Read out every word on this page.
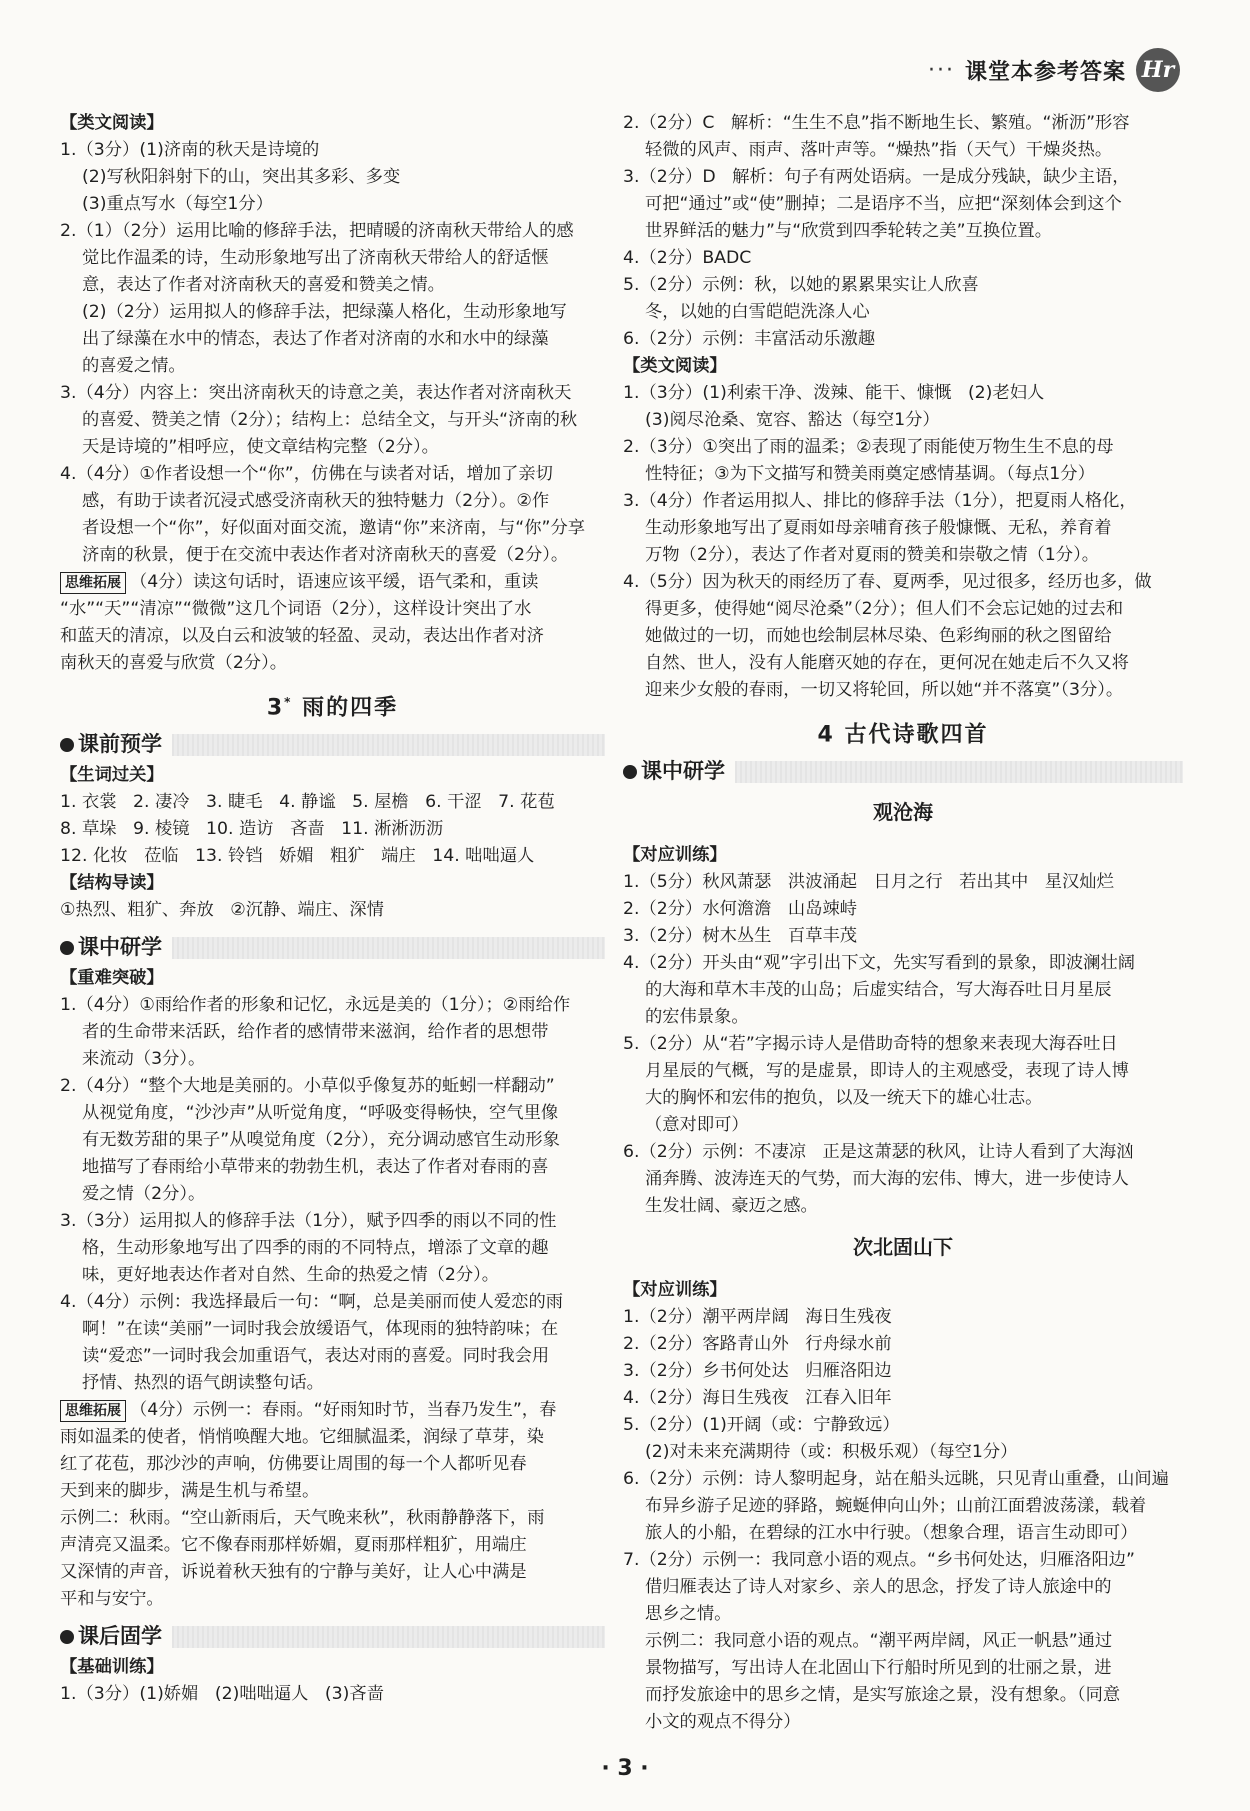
··· 课堂本参考答案 Hr
【类文阅读】
1.（3分）(1)济南的秋天是诗境的
(2)写秋阳斜射下的山，突出其多彩、多变
(3)重点写水（每空1分）
2.（1）（2分）运用比喻的修辞手法，把晴暖的济南秋天带给人的感
觉比作温柔的诗，生动形象地写出了济南秋天带给人的舒适惬
意，表达了作者对济南秋天的喜爱和赞美之情。
(2)（2分）运用拟人的修辞手法，把绿藻人格化，生动形象地写
出了绿藻在水中的情态，表达了作者对济南的水和水中的绿藻
的喜爱之情。
3.（4分）内容上：突出济南秋天的诗意之美，表达作者对济南秋天
的喜爱、赞美之情（2分）；结构上：总结全文，与开头“济南的秋
天是诗境的”相呼应，使文章结构完整（2分）。
4.（4分）①作者设想一个“你”，仿佛在与读者对话，增加了亲切
感，有助于读者沉浸式感受济南秋天的独特魅力（2分）。②作
者设想一个“你”，好似面对面交流，邀请“你”来济南，与“你”分享
济南的秋景，便于在交流中表达作者对济南秋天的喜爱（2分）。
思维拓展 （4分）读这句话时，语速应该平缓，语气柔和，重读
“水”“天”“清凉”“微微”这几个词语（2分），这样设计突出了水
和蓝天的清凉，以及白云和波皱的轻盈、灵动，表达出作者对济
南秋天的喜爱与欣赏（2分）。
3* 雨的四季
课前预学
【生词过关】
1. 衣裳   2. 凄冷   3. 睫毛   4. 静谧   5. 屋檐   6. 干涩   7. 花苞
8. 草垛   9. 棱镜   10. 造访   吝啬   11. 淅淅沥沥
12. 化妆   莅临   13. 铃铛   娇媚   粗犷   端庄   14. 咄咄逼人
【结构导读】
①热烈、粗犷、奔放   ②沉静、端庄、深情
课中研学
【重难突破】
1.（4分）①雨给作者的形象和记忆，永远是美的（1分）；②雨给作
者的生命带来活跃，给作者的感情带来滋润，给作者的思想带
来流动（3分）。
2.（4分）“整个大地是美丽的。小草似乎像复苏的蚯蚓一样翻动”
从视觉角度，“沙沙声”从听觉角度，“呼吸变得畅快，空气里像
有无数芳甜的果子”从嗅觉角度（2分），充分调动感官生动形象
地描写了春雨给小草带来的勃勃生机，表达了作者对春雨的喜
爱之情（2分）。
3.（3分）运用拟人的修辞手法（1分），赋予四季的雨以不同的性
格，生动形象地写出了四季的雨的不同特点，增添了文章的趣
味，更好地表达作者对自然、生命的热爱之情（2分）。
4.（4分）示例：我选择最后一句：“啊，总是美丽而使人爱恋的雨
啊！”在读“美丽”一词时我会放缓语气，体现雨的独特韵味；在
读“爱恋”一词时我会加重语气，表达对雨的喜爱。同时我会用
抒情、热烈的语气朗读整句话。
思维拓展 （4分）示例一：春雨。“好雨知时节，当春乃发生”，春
雨如温柔的使者，悄悄唤醒大地。它细腻温柔，润绿了草芽，染
红了花苞，那沙沙的声响，仿佛要让周围的每一个人都听见春
天到来的脚步，满是生机与希望。
示例二：秋雨。“空山新雨后，天气晚来秋”，秋雨静静落下，雨
声清亮又温柔。它不像春雨那样娇媚，夏雨那样粗犷，用端庄
又深情的声音，诉说着秋天独有的宁静与美好，让人心中满是
平和与安宁。
课后固学
【基础训练】
1.（3分）(1)娇媚   (2)咄咄逼人   (3)吝啬
2.（2分）C   解析：“生生不息”指不断地生长、繁殖。“淅沥”形容
轻微的风声、雨声、落叶声等。“燥热”指（天气）干燥炎热。
3.（2分）D   解析：句子有两处语病。一是成分残缺，缺少主语，
可把“通过”或“使”删掉；二是语序不当，应把“深刻体会到这个
世界鲜活的魅力”与“欣赏到四季轮转之美”互换位置。
4.（2分）BADC
5.（2分）示例：秋，以她的累累果实让人欣喜
冬，以她的白雪皑皑洗涤人心
6.（2分）示例：丰富活动乐激趣
【类文阅读】
1.（3分）(1)利索干净、泼辣、能干、慷慨   (2)老妇人
(3)阅尽沧桑、宽容、豁达（每空1分）
2.（3分）①突出了雨的温柔；②表现了雨能使万物生生不息的母
性特征；③为下文描写和赞美雨奠定感情基调。（每点1分）
3.（4分）作者运用拟人、排比的修辞手法（1分），把夏雨人格化，
生动形象地写出了夏雨如母亲哺育孩子般慷慨、无私，养育着
万物（2分），表达了作者对夏雨的赞美和崇敬之情（1分）。
4.（5分）因为秋天的雨经历了春、夏两季，见过很多，经历也多，做
得更多，使得她“阅尽沧桑”（2分）；但人们不会忘记她的过去和
她做过的一切，而她也绘制层林尽染、色彩绚丽的秋之图留给
自然、世人，没有人能磨灭她的存在，更何况在她走后不久又将
迎来少女般的春雨，一切又将轮回，所以她“并不落寞”（3分）。
4 古代诗歌四首
课中研学
观沧海
【对应训练】
1.（5分）秋风萧瑟   洪波涌起   日月之行   若出其中   星汉灿烂
2.（2分）水何澹澹   山岛竦峙
3.（2分）树木丛生   百草丰茂
4.（2分）开头由“观”字引出下文，先实写看到的景象，即波澜壮阔
的大海和草木丰茂的山岛；后虚实结合，写大海吞吐日月星辰
的宏伟景象。
5.（2分）从“若”字揭示诗人是借助奇特的想象来表现大海吞吐日
月星辰的气概，写的是虚景，即诗人的主观感受，表现了诗人博
大的胸怀和宏伟的抱负，以及一统天下的雄心壮志。
（意对即可）
6.（2分）示例：不凄凉   正是这萧瑟的秋风，让诗人看到了大海汹
涌奔腾、波涛连天的气势，而大海的宏伟、博大，进一步使诗人
生发壮阔、豪迈之感。
次北固山下
【对应训练】
1.（2分）潮平两岸阔   海日生残夜
2.（2分）客路青山外   行舟绿水前
3.（2分）乡书何处达   归雁洛阳边
4.（2分）海日生残夜   江春入旧年
5.（2分）(1)开阔（或：宁静致远）
(2)对未来充满期待（或：积极乐观）（每空1分）
6.（2分）示例：诗人黎明起身，站在船头远眺，只见青山重叠，山间遍
布异乡游子足迹的驿路，蜿蜒伸向山外；山前江面碧波荡漾，载着
旅人的小船，在碧绿的江水中行驶。（想象合理，语言生动即可）
7.（2分）示例一：我同意小语的观点。“乡书何处达，归雁洛阳边”
借归雁表达了诗人对家乡、亲人的思念，抒发了诗人旅途中的
思乡之情。
示例二：我同意小语的观点。“潮平两岸阔，风正一帆悬”通过
景物描写，写出诗人在北固山下行船时所见到的壮丽之景，进
而抒发旅途中的思乡之情，是实写旅途之景，没有想象。（同意
小文的观点不得分）
· 3 ·
